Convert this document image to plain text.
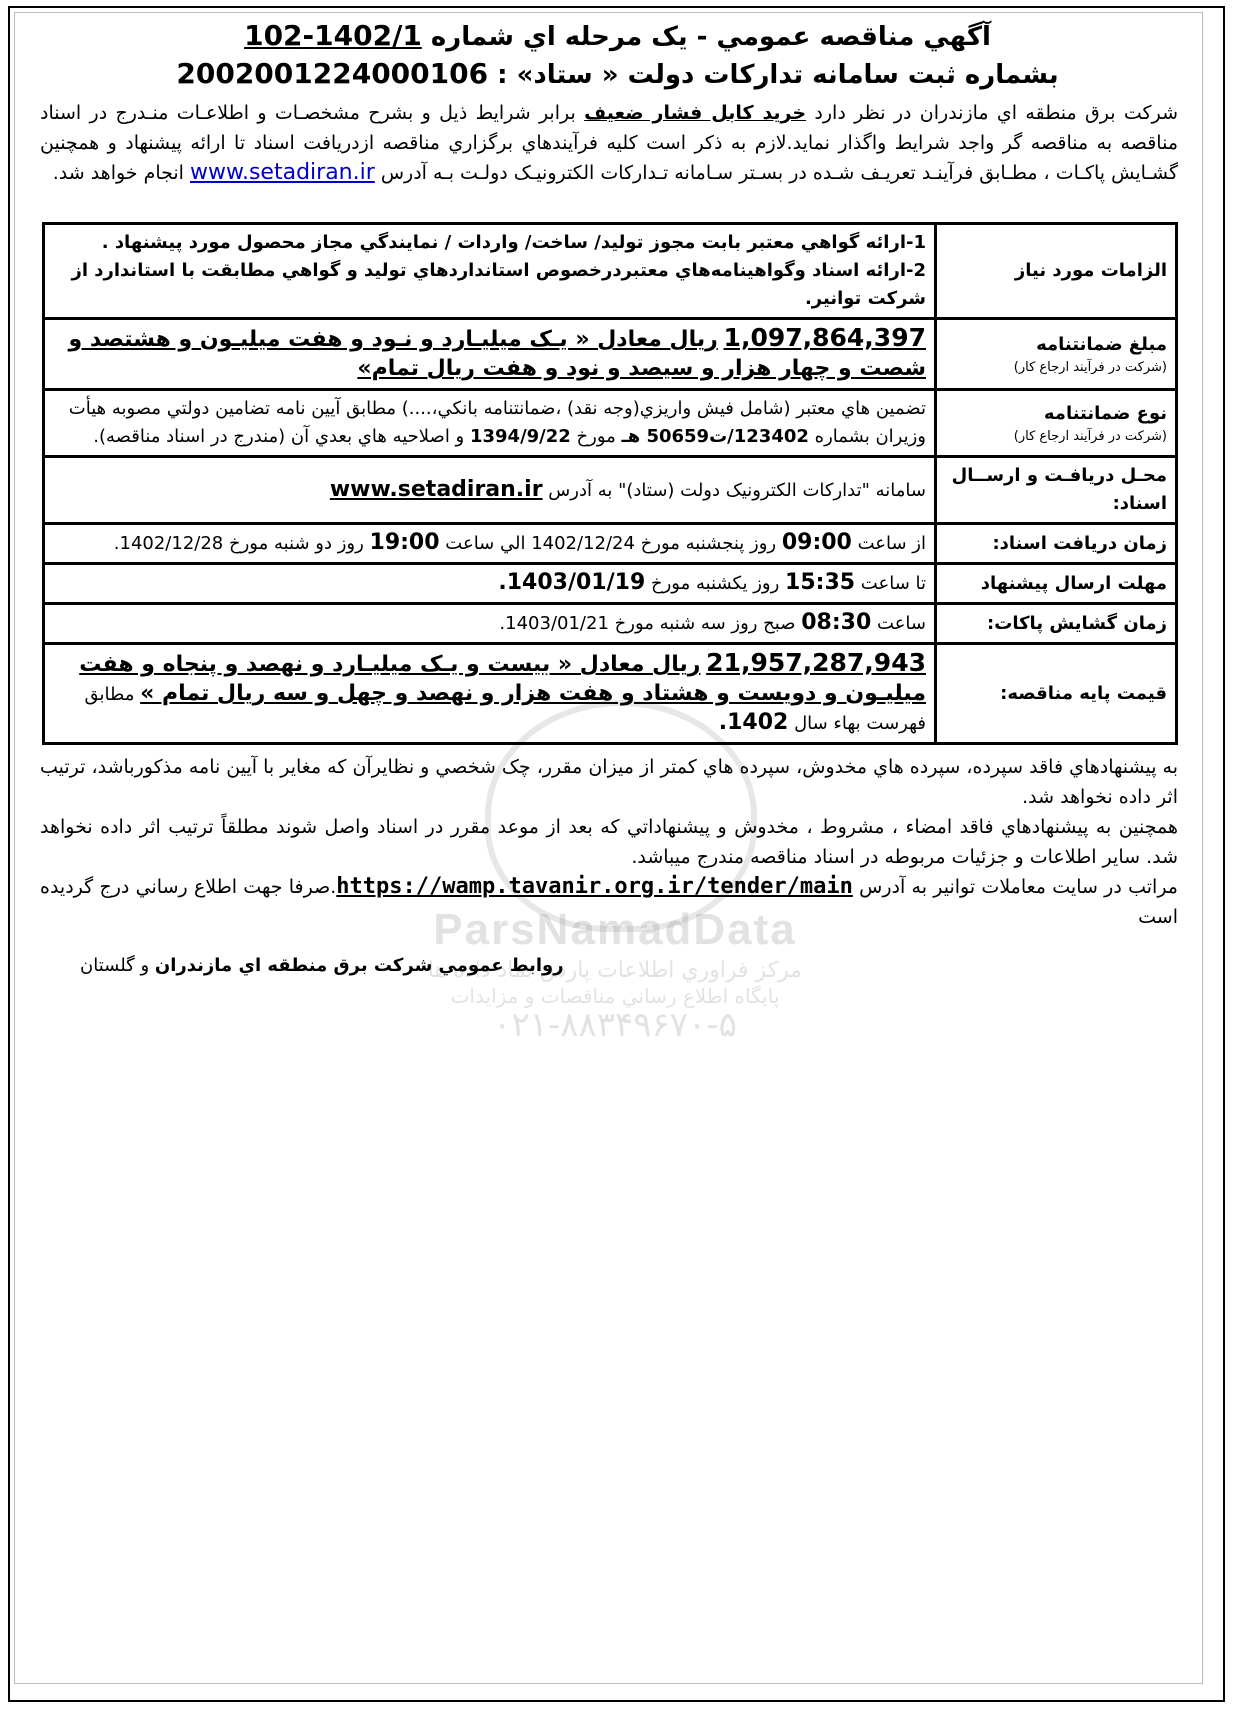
ParsNamadData
مرکز فراوري اطلاعات پارس نماد داده ها
پايگاه اطلاع رساني مناقصات و مزايدات
۰۲۱-۸۸۳۴۹۶۷۰-۵
آگهي مناقصه عمومي - يک مرحله اي شماره 1402/1-102
بشماره ثبت سامانه تدارکات دولت « ستاد» : 2002001224000106
شرکت برق منطقه اي مازندران در نظر دارد خريد کابل فشار ضعيف برابر شرايط ذيل و بشرح مشخصـات و اطلاعـات منـدرج در اسناد مناقصه به مناقصه گر واجد شرايط واگذار نمايد.لازم به ذکر است کليه فرآيندهاي برگزاري مناقصه ازدريافت اسناد تا ارائه پيشنهاد و همچنين گشـايش پاکـات ، مطـابق فرآينـد تعريـف شـده در بسـتر سـامانه تـدارکات الکترونيـک دولـت بـه آدرس www.setadiran.ir انجام خواهد شد.
الزامات مورد نياز	1-ارائه گواهي معتبر بابت مجوز توليد/ ساخت/ واردات / نمايندگي مجاز محصول مورد پيشنهاد .
2-ارائه اسناد وگواهينامه‌هاي معتبردرخصوص استانداردهاي توليد و گواهي مطابقت با استاندارد از شرکت توانير.

مبلغ ضمانتنامه
(شرکت در فرآيند ارجاع کار)	1,097,864,397 ريال معادل « يـک ميليـارد و نـود و هفت ميليـون و هشتصد و شصت و چهار هزار و سيصد و نود و هفت ريال تمام»
نوع ضمانتنامه
(شرکت در فرآيند ارجاع کار)	تضمين هاي معتبر (شامل فيش واريزي(وجه نقد) ،ضمانتنامه بانکي،....) مطابق آيين نامه تضامين دولتي مصوبه هيأت وزيران بشماره 123402/ت50659 هـ مورخ 1394/9/22 و اصلاحيه هاي بعدي آن (مندرج در اسناد مناقصه).
محـل دريافـت و ارســال اسناد:	سامانه "تدارکات الکترونيک دولت (ستاد)" به آدرس www.setadiran.ir
زمان دريافت اسناد:	از ساعت 09:00 روز پنجشنبه مورخ 1402/12/24 الي ساعت 19:00 روز دو شنبه مورخ 1402/12/28.
مهلت ارسال پيشنهاد	تا ساعت 15:35 روز يکشنبه مورخ 1403/01/19.
زمان گشايش پاکات:	ساعت 08:30 صبح روز سه شنبه مورخ 1403/01/21.
قيمت پايه مناقصه:	21,957,287,943 ريال معادل « بيست و يـک ميليـارد و نهصد و پنجاه و هفت ميليـون و دويست و هشتاد و هفت هزار و نهصد و چهل و سه ريال تمام » مطابق فهرست بهاء سال 1402.

به پيشنهادهاي فاقد سپرده، سپرده هاي مخدوش، سپرده هاي کمتر از ميزان مقرر، چک شخصي و نظايرآن که مغاير با آيين نامه مذکورباشد، ترتيب اثر داده نخواهد شد.

همچنين به پيشنهادهاي فاقد امضاء ، مشروط ، مخدوش و پيشنهاداتي که بعد از موعد مقرر در اسناد واصل شوند مطلقاً ترتيب اثر داده نخواهد شد. ساير اطلاعات و جزئيات مربوطه در اسناد مناقصه مندرج ميباشد.

مراتب در سايت معاملات توانير به آدرس https://wamp.tavanir.org.ir/tender/main.صرفا جهت اطلاع رساني درج گرديده است

روابط عمومي شرکت برق منطقه اي مازندران و گلستان
